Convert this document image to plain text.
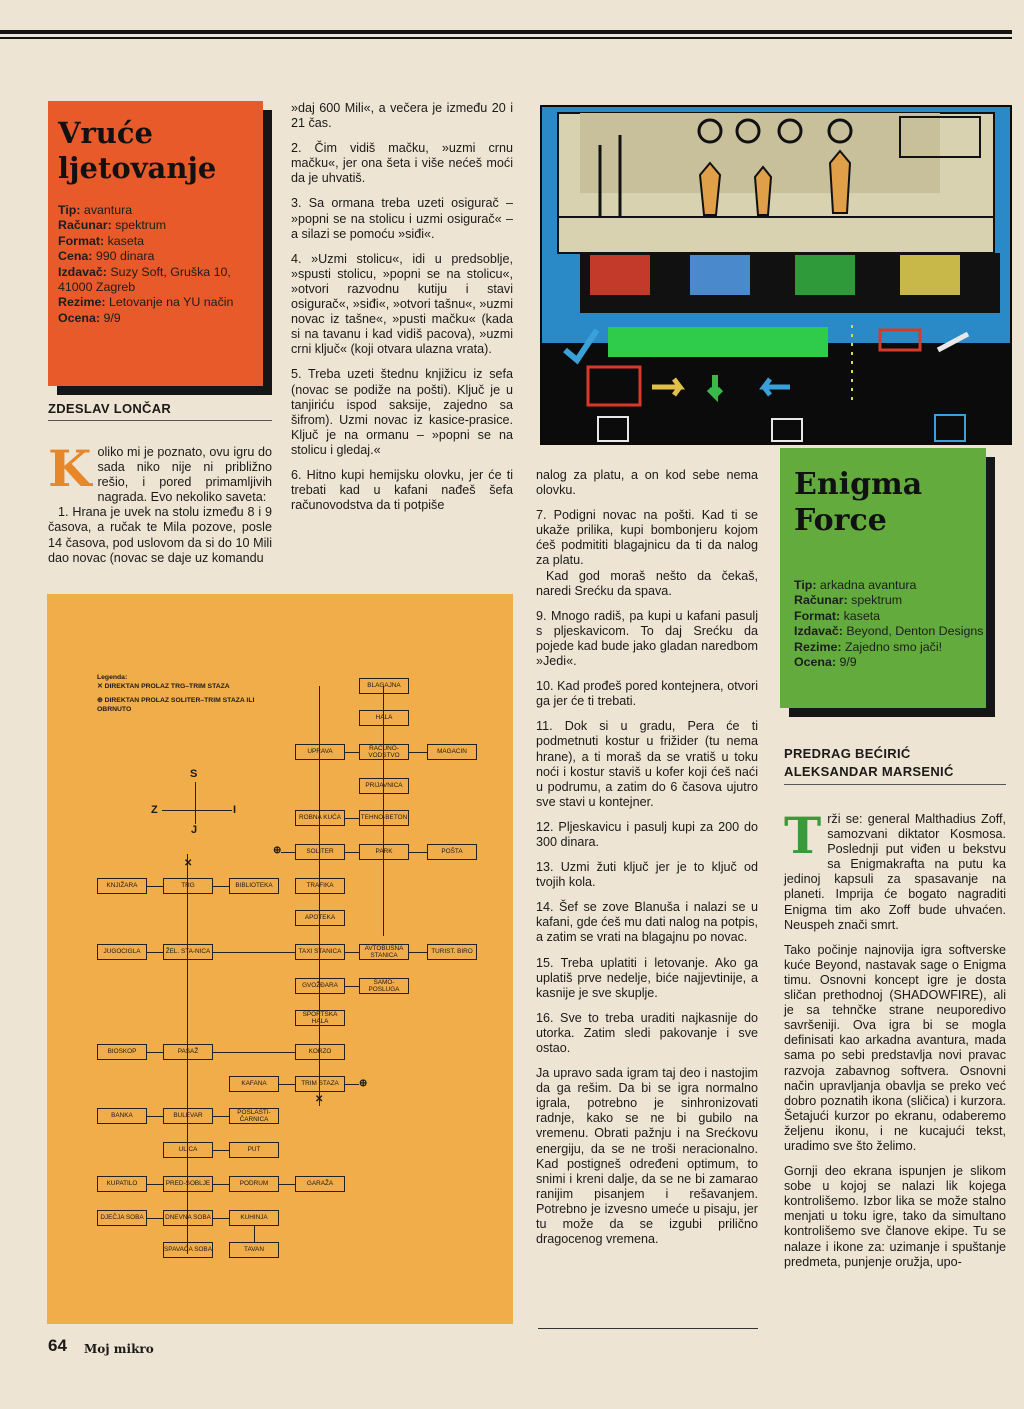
Vruće
ljetovanje
Tip: avantura
Računar: spektrum
Format: kaseta
Cena: 990 dinara
Izdavač: Suzy Soft, Gruška 10, 41000 Zagreb
Rezime: Letovanje na YU način
Ocena: 9/9
ZDESLAV LONČAR
K oliko mi je poznato, ovu igru do sada niko nije ni približno rešio, i pored primamljivih nagrada. Evo nekoliko saveta:

1. Hrana je uvek na stolu između 8 i 9 časova, a ručak te Mila pozove, posle 14 časova, pod uslovom da si do 10 Mili dao novac (novac se daje uz komandu

»daj 600 Mili«, a večera je između 20 i 21 čas.

2. Čim vidiš mačku, »uzmi crnu mačku«, jer ona šeta i više nećeš moći da je uhvatiš.

3. Sa ormana treba uzeti osigurač – »popni se na stolicu i uzmi osigurač« – a silazi se pomoću »siđi«.

4. »Uzmi stolicu«, idi u predsoblje, »spusti stolicu, »popni se na stolicu«, »otvori razvodnu kutiju i stavi osigurač«, »siđi«, »otvori tašnu«, »uzmi novac iz tašne«, »pusti mačku« (kada si na tavanu i kad vidiš pacova), »uzmi crni ključ« (koji otvara ulazna vrata).

5. Treba uzeti štednu knjižicu iz sefa (novac se podiže na pošti). Ključ je u tanjiriću ispod saksije, zajedno sa šifrom). Uzmi novac iz kasice-prasice. Ključ je na ormanu – »popni se na stolicu i gledaj.«

6. Hitno kupi hemijsku olovku, jer će ti trebati kad u kafani nađeš šefa računovodstva da ti potpiše

nalog za platu, a on kod sebe nema olovku.

7. Podigni novac na pošti. Kad ti se ukaže prilika, kupi bombonjeru kojom ćeš podmititi blagajnicu da ti da nalog za platu.

Kad god moraš nešto da čekaš, naredi Srećku da spava.

9. Mnogo radiš, pa kupi u kafani pasulj s pljeskavicom. To daj Srećku da pojede kad bude jako gladan naredbom »Jedi«.

10. Kad prođeš pored kontejnera, otvori ga jer će ti trebati.

11. Dok si u gradu, Pera će ti podmetnuti kostur u frižider (tu nema hrane), a ti moraš da se vratiš u toku noći i kostur staviš u kofer koji ćeš naći u podrumu, a zatim do 6 časova ujutro sve stavi u kontejner.

12. Pljeskavicu i pasulj kupi za 200 do 300 dinara.

13. Uzmi žuti ključ jer je to ključ od tvojih kola.

14. Šef se zove Blanuša i nalazi se u kafani, gde ćeš mu dati nalog na potpis, a zatim se vrati na blagajnu po novac.

15. Treba uplatiti i letovanje. Ako ga uplatiš prve nedelje, biće najjevtinije, a kasnije je sve skuplje.

16. Sve to treba uraditi najkasnije do utorka. Zatim sledi pakovanje i sve ostao.

Ja upravo sada igram taj deo i nastojim da ga rešim. Da bi se igra normalno igrala, potrebno je sinhronizovati radnje, kako se ne bi gubilo na vremenu. Obrati pažnju i na Srećkovu energiju, da se ne troši neracionalno. Kad postigneš određeni optimum, to snimi i kreni dalje, da se ne bi zamarao ranijim pisanjem i rešavanjem. Potrebno je izvesno umeće u pisaju, jer tu može da se izgubi prilično dragocenog vremena.

Enigma
Force
Tip: arkadna avantura
Računar: spektrum
Format: kaseta
Izdavač: Beyond, Denton Designs
Rezime: Zajedno smo jači!
Ocena: 9/9
PREDRAG BEĆIRIĆ
ALEKSANDAR MARSENIĆ
T rži se: general Malthadius Zoff, samozvani diktator Kosmosa. Poslednji put viđen u bekstvu sa Enigmakrafta na putu ka jedinoj kapsuli za spasavanje na planeti. Imprija će bogato nagraditi Enigma tim ako Zoff bude uhvaćen. Neuspeh znači smrt.

Tako počinje najnovija igra softverske kuće Beyond, nastavak sage o Enigma timu. Osnovni koncept igre je dosta sličan prethodnoj (SHADOWFIRE), ali je sa tehnčke strane neuporedivo savršeniji. Ova igra bi se mogla definisati kao arkadna avantura, mada sama po sebi predstavlja novi pravac razvoja zabavnog softvera. Osnovni način upravljanja obavlja se preko već dobro poznatih ikona (sličica) i kurzora. Šetajući kurzor po ekranu, odaberemo željenu ikonu, i ne kucajući tekst, uradimo sve što želimo.

Gornji deo ekrana ispunjen je slikom sobe u kojoj se nalazi lik kojega kontrolišemo. Izbor lika se može stalno menjati u toku igre, tako da simultano kontrolišemo sve članove ekipe. Tu se nalaze i ikone za: uzimanje i spuštanje predmeta, punjenje oružja, upo-

Legenda:
✕ DIREKTAN PROLAZ TRG–TRIM STAZA
⊕ DIREKTAN PROLAZ SOLITER–TRIM STAZA ILI OBRNUTO
S
J
Z	I
BLAGAJNA
HALA
UPRAVA
RAČUNO-VODSTVO
MAGACIN
PRIJAVNICA
ROBNA KUĆA	TEHNO-BETON
SOLITER	PARK	POŠTA
KNJIŽARA	TRG	BIBLIOTEKA	TRAFIKA
APOTEKA
JUGOCIGLA	ŽEL. STA-NICA	TAXI STANICA
AVTOBUSNA STANICA
TURIST. BIRO
GVOŽĐARA
SAMO-POSLUGA
SPORTSKA HALA
BIOSKOP	PASAŽ	KORZO
KAFANA	TRIM STAZA
BANKA	BULEVAR
POSLASTI-ČARNICA
ULICA	PUT
KUPATILO	PRED-SOBLJE	PODRUM	GARAŽA
DJEČJA SOBA	DNEVNA SOBA	KUHINJA
SPAVAĆA SOBA	TAVAN
⊕
⊕
✕
✕
64 Moj mikro
